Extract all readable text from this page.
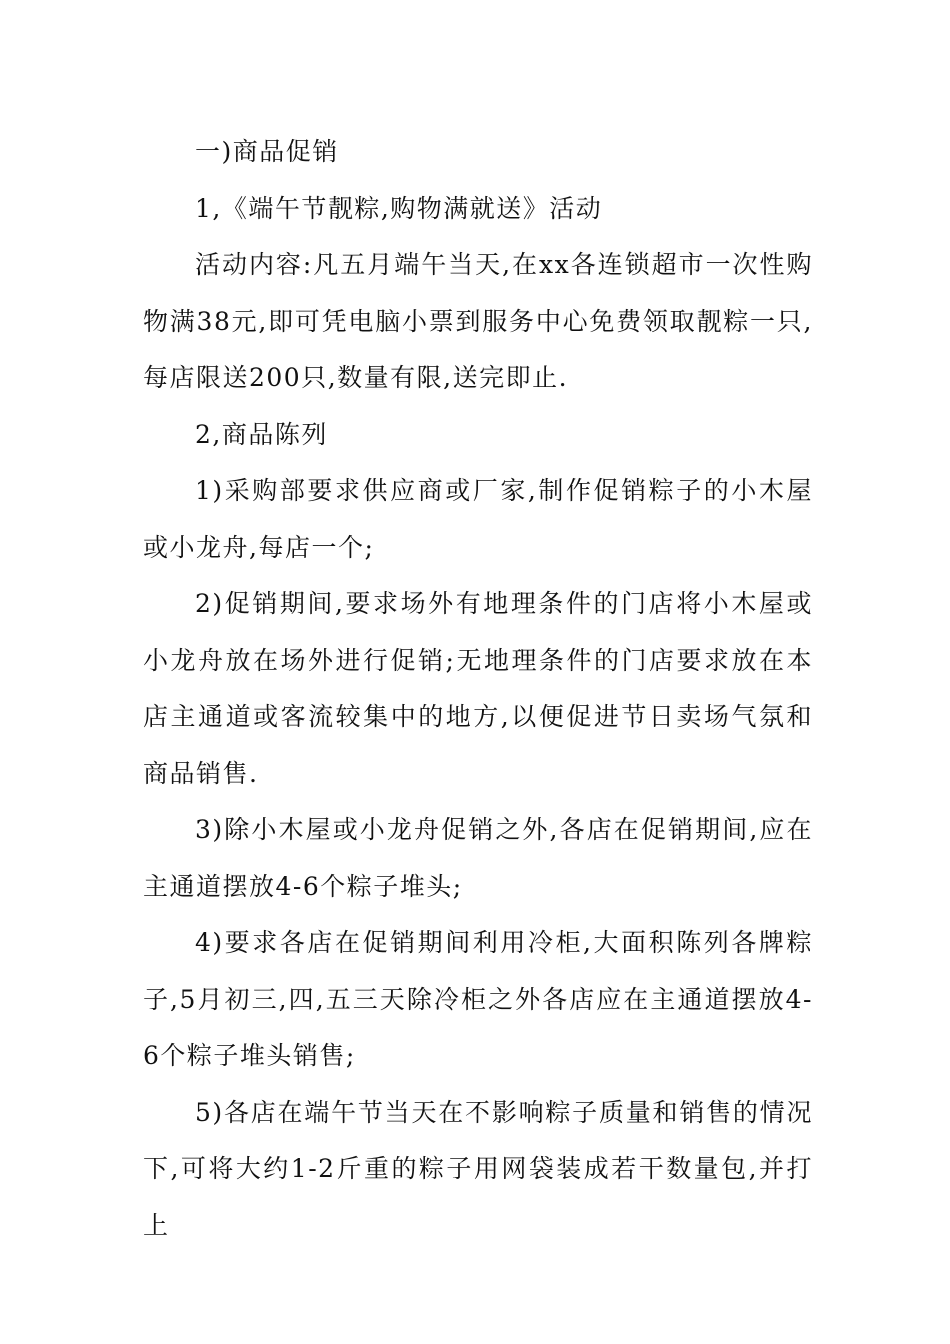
一)商品促销

1,《端午节靓粽,购物满就送》活动

活动内容:凡五月端午当天,在xx各连锁超市一次性购物满38元,即可凭电脑小票到服务中心免费领取靓粽一只,每店限送200只,数量有限,送完即止.

2,商品陈列

1)采购部要求供应商或厂家,制作促销粽子的小木屋或小龙舟,每店一个;

2)促销期间,要求场外有地理条件的门店将小木屋或小龙舟放在场外进行促销;无地理条件的门店要求放在本店主通道或客流较集中的地方,以便促进节日卖场气氛和商品销售.

3)除小木屋或小龙舟促销之外,各店在促销期间,应在主通道摆放4-6个粽子堆头;

4)要求各店在促销期间利用冷柜,大面积陈列各牌粽子,5月初三,四,五三天除冷柜之外各店应在主通道摆放4-6个粽子堆头销售;

5)各店在端午节当天在不影响粽子质量和销售的情况下,可将大约1-2斤重的粽子用网袋装成若干数量包,并打上
